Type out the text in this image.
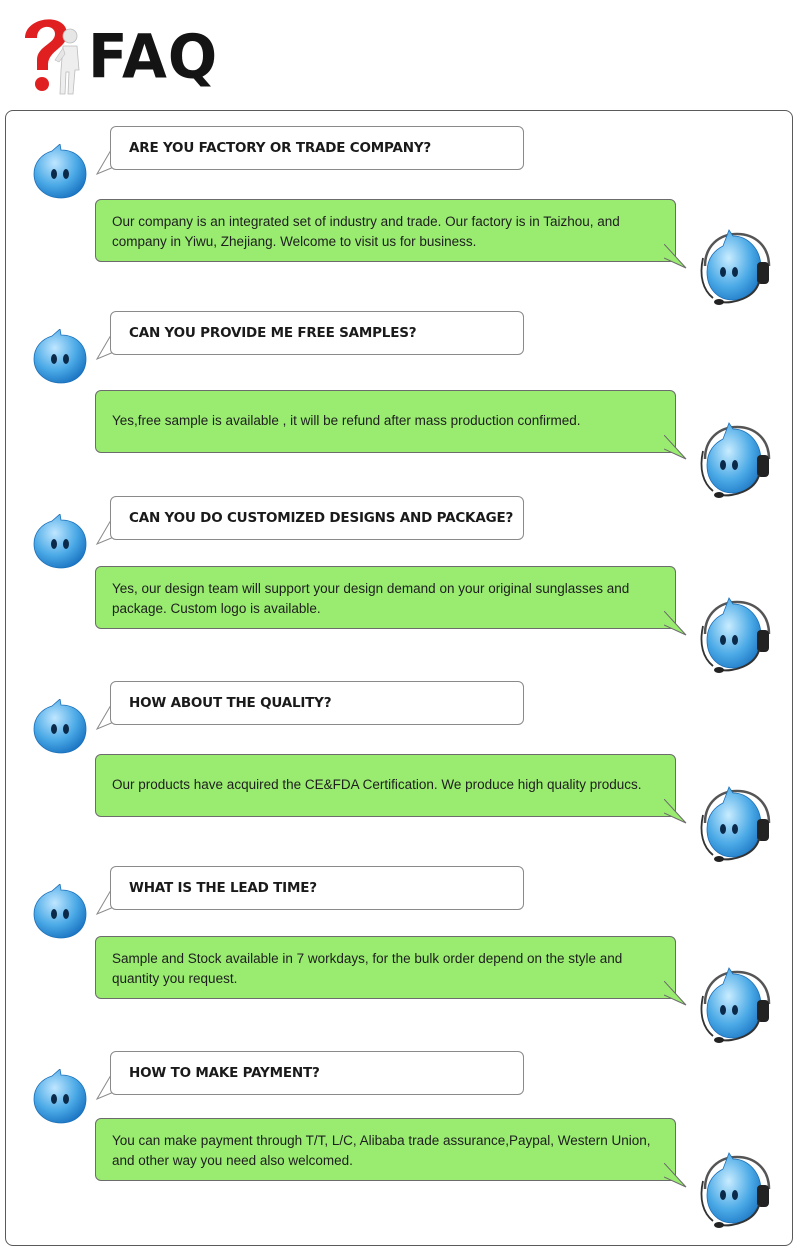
FAQ
ARE YOU FACTORY OR TRADE COMPANY?
Our company is an integrated set of industry and trade. Our factory is in Taizhou, and company in Yiwu, Zhejiang. Welcome to visit us for business.
CAN YOU PROVIDE ME FREE SAMPLES?
Yes,free sample is available , it will be refund after mass production confirmed.
CAN YOU DO CUSTOMIZED DESIGNS AND PACKAGE?
Yes, our design team will support your design demand on your original sunglasses and package. Custom logo is available.
HOW ABOUT THE QUALITY?
Our products have acquired the CE&FDA Certification. We produce high quality producs.
WHAT IS THE LEAD TIME?
Sample and Stock available in 7 workdays, for the bulk order depend on the style and quantity you request.
HOW TO MAKE PAYMENT?
You can make payment through T/T, L/C, Alibaba trade assurance,Paypal, Western Union, and other way you need also welcomed.
